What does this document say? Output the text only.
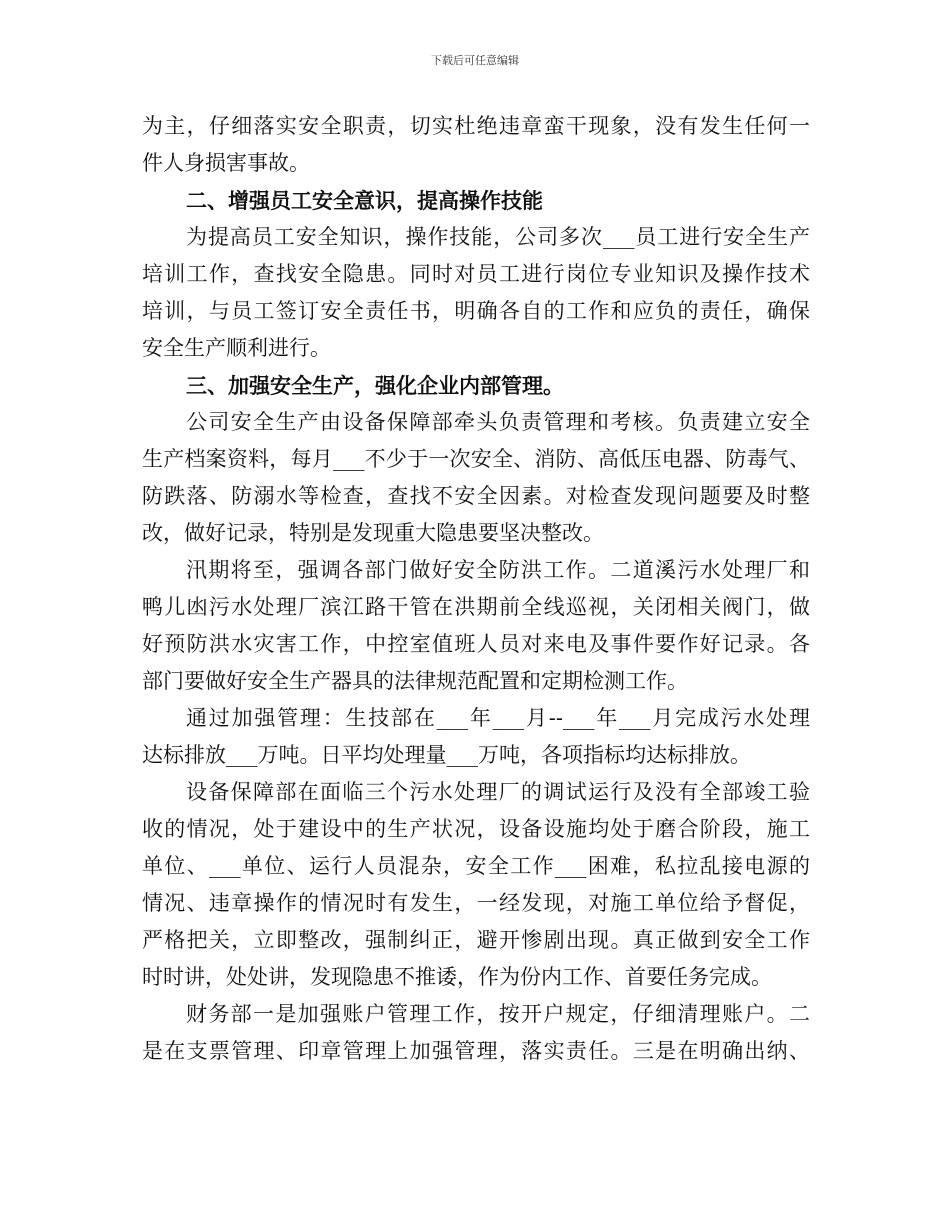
下载后可任意编辑
为主，仔细落实安全职责，切实杜绝违章蛮干现象，没有发生任何一
件人身损害事故。
二、增强员工安全意识，提高操作技能
为提高员工安全知识，操作技能，公司多次___员工进行安全生产
培训工作，查找安全隐患。同时对员工进行岗位专业知识及操作技术
培训，与员工签订安全责任书，明确各自的工作和应负的责任，确保
安全生产顺利进行。
三、加强安全生产，强化企业内部管理。
公司安全生产由设备保障部牵头负责管理和考核。负责建立安全
生产档案资料，每月___不少于一次安全、消防、高低压电器、防毒气、
防跌落、防溺水等检查，查找不安全因素。对检查发现问题要及时整
改，做好记录，特别是发现重大隐患要坚决整改。
汛期将至，强调各部门做好安全防洪工作。二道溪污水处理厂和
鸭儿凼污水处理厂滨江路干管在洪期前全线巡视，关闭相关阀门，做
好预防洪水灾害工作，中控室值班人员对来电及事件要作好记录。各
部门要做好安全生产器具的法律规范配置和定期检测工作。
通过加强管理：生技部在___年___月--___年___月完成污水处理
达标排放___万吨。日平均处理量___万吨，各项指标均达标排放。
设备保障部在面临三个污水处理厂的调试运行及没有全部竣工验
收的情况，处于建设中的生产状况，设备设施均处于磨合阶段，施工
单位、___单位、运行人员混杂，安全工作___困难，私拉乱接电源的
情况、违章操作的情况时有发生，一经发现，对施工单位给予督促，
严格把关，立即整改，强制纠正，避开惨剧出现。真正做到安全工作
时时讲，处处讲，发现隐患不推诿，作为份内工作、首要任务完成。
财务部一是加强账户管理工作，按开户规定，仔细清理账户。二
是在支票管理、印章管理上加强管理，落实责任。三是在明确出纳、
